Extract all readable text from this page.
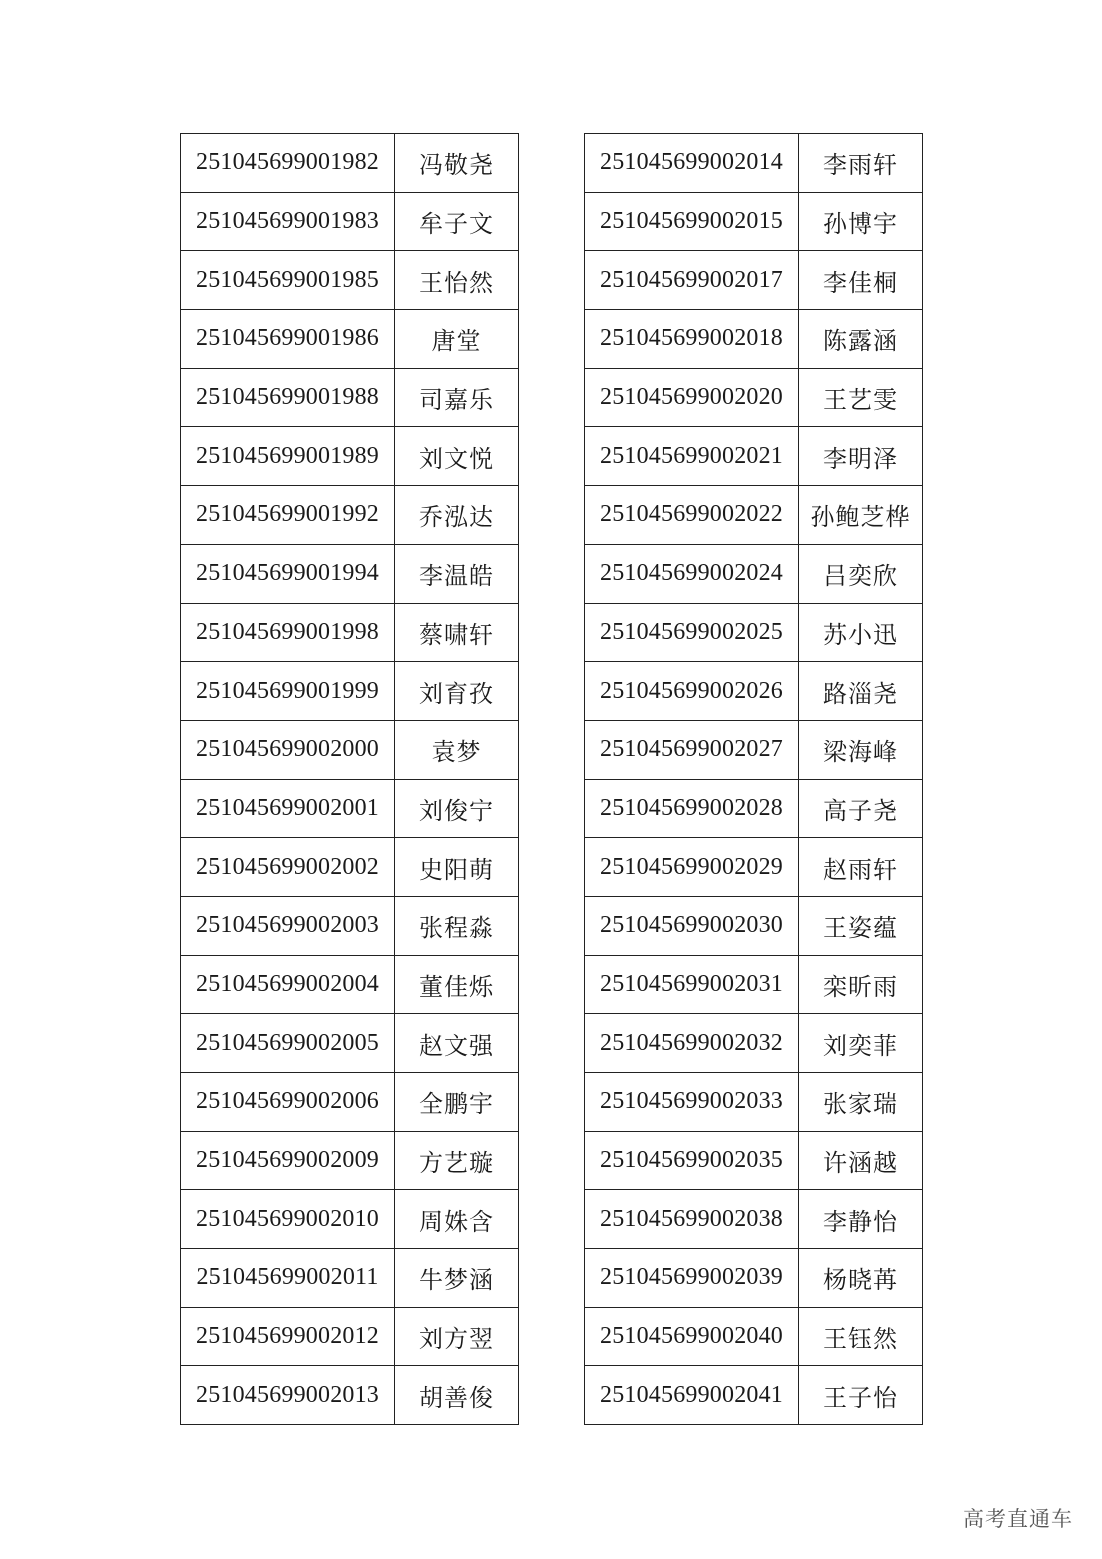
251045699001982	冯敬尧
251045699001983	牟子文
251045699001985	王怡然
251045699001986	唐堂
251045699001988	司嘉乐
251045699001989	刘文悦
251045699001992	乔泓达
251045699001994	李温皓
251045699001998	蔡啸轩
251045699001999	刘育孜
251045699002000	袁梦
251045699002001	刘俊宁
251045699002002	史阳萌
251045699002003	张程淼
251045699002004	董佳烁
251045699002005	赵文强
251045699002006	全鹏宇
251045699002009	方艺璇
251045699002010	周姝含
251045699002011	牛梦涵
251045699002012	刘方翌
251045699002013	胡善俊
251045699002014	李雨轩
251045699002015	孙博宇
251045699002017	李佳桐
251045699002018	陈露涵
251045699002020	王艺雯
251045699002021	李明泽
251045699002022	孙鲍芝桦
251045699002024	吕奕欣
251045699002025	苏小迅
251045699002026	路淄尧
251045699002027	梁海峰
251045699002028	高子尧
251045699002029	赵雨轩
251045699002030	王姿蕴
251045699002031	栾昕雨
251045699002032	刘奕菲
251045699002033	张家瑞
251045699002035	许涵越
251045699002038	李静怡
251045699002039	杨晓苒
251045699002040	王钰然
251045699002041	王子怡
高考直通车
